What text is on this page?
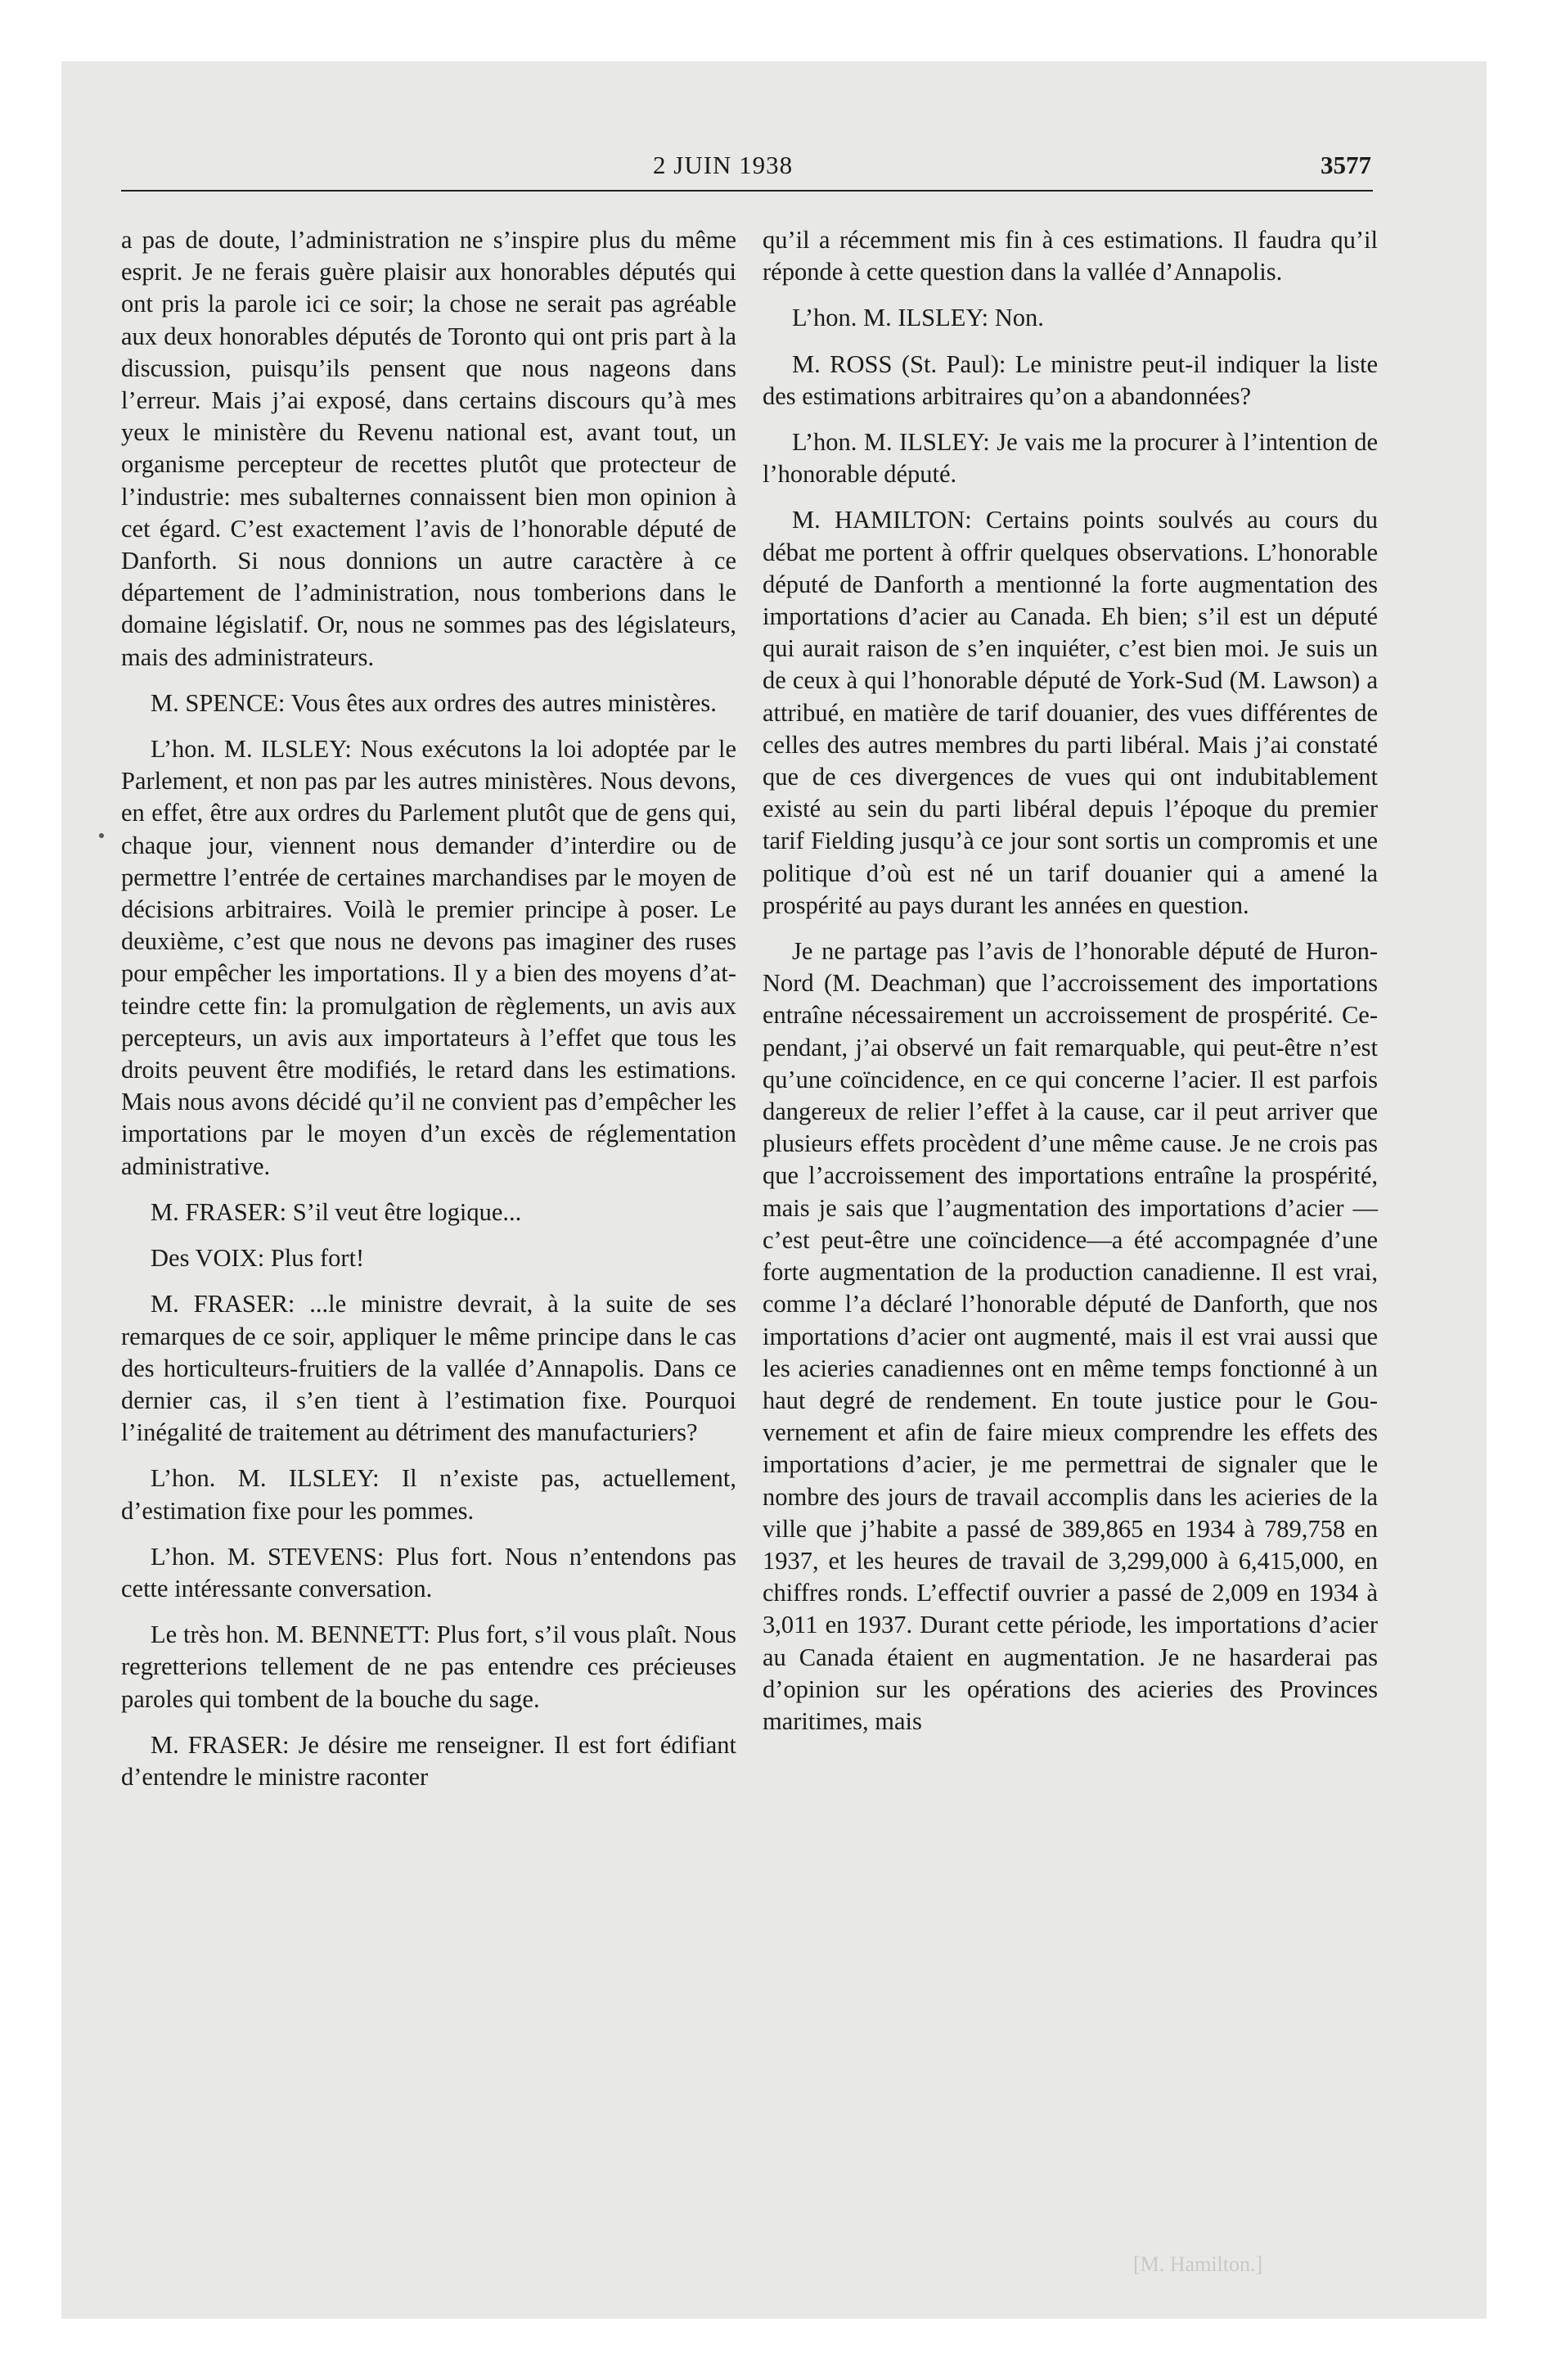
2 JUIN 1938	3577

a pas de doute, l’administration ne s’inspire plus du même esprit. Je ne ferais guère plaisir aux honorables députés qui ont pris la parole ici ce soir; la chose ne serait pas agréable aux deux honorables députés de Toronto qui ont pris part à la discussion, puisqu’ils pensent que nous nageons dans l’erreur. Mais j’ai exposé, dans certains discours qu’à mes yeux le ministère du Revenu national est, avant tout, un organisme percepteur de recettes plutôt que protecteur de l’industrie: mes subalternes connaissent bien mon opinion à cet égard. C’est exactement l’avis de l’honorable député de Danforth. Si nous donnions un autre caractère à ce département de l’administration, nous tomberions dans le domaine législatif. Or, nous ne sommes pas des législateurs, mais des administrateurs.

M. SPENCE: Vous êtes aux ordres des autres ministères.

L’hon. M. ILSLEY: Nous exécutons la loi adoptée par le Parlement, et non pas par les autres ministères. Nous devons, en effet, être aux ordres du Parlement plutôt que de gens qui, chaque jour, viennent nous demander d’interdire ou de permettre l’entrée de certaines marchandises par le moyen de décisions arbitraires. Voilà le premier principe à poser. Le deuxième, c’est que nous ne devons pas imaginer des ruses pour empêcher les importations. Il y a bien des moyens d’atteindre cette fin: la promulgation de règlements, un avis aux percepteurs, un avis aux importateurs à l’effet que tous les droits peuvent être modifiés, le retard dans les estimations. Mais nous avons décidé qu’il ne convient pas d’empêcher les importations par le moyen d’un excès de réglementation administrative.

M. FRASER: S’il veut être logique...

Des VOIX: Plus fort!

M. FRASER: ...le ministre devrait, à la suite de ses remarques de ce soir, appliquer le même principe dans le cas des horticulteurs-fruitiers de la vallée d’Annapolis. Dans ce dernier cas, il s’en tient à l’estimation fixe. Pourquoi l’inégalité de traitement au détriment des manufacturiers?

L’hon. M. ILSLEY: Il n’existe pas, actuellement, d’estimation fixe pour les pommes.

L’hon. M. STEVENS: Plus fort. Nous n’entendons pas cette intéressante conversation.

Le très hon. M. BENNETT: Plus fort, s’il vous plaît. Nous regretterions tellement de ne pas entendre ces précieuses paroles qui tombent de la bouche du sage.

M. FRASER: Je désire me renseigner. Il est fort édifiant d’entendre le ministre raconter

qu’il a récemment mis fin à ces estimations. Il faudra qu’il réponde à cette question dans la vallée d’Annapolis.

L’hon. M. ILSLEY: Non.

M. ROSS (St. Paul): Le ministre peut-il indiquer la liste des estimations arbitraires qu’on a abandonnées?

L’hon. M. ILSLEY: Je vais me la procurer à l’intention de l’honorable député.

M. HAMILTON: Certains points soulvés au cours du débat me portent à offrir quelques observations. L’honorable député de Danforth a mentionné la forte augmentation des importations d’acier au Canada. Eh bien; s’il est un député qui aurait raison de s’en inquiéter, c’est bien moi. Je suis un de ceux à qui l’honorable député de York-Sud (M. Lawson) a attribué, en matière de tarif douanier, des vues différentes de celles des autres membres du parti libéral. Mais j’ai constaté que de ces divergences de vues qui ont indubitablement existé au sein du parti libéral depuis l’époque du premier tarif Fielding jusqu’à ce jour sont sortis un compromis et une politique d’où est né un tarif douanier qui a amené la prospérité au pays durant les années en question.

Je ne partage pas l’avis de l’honorable député de Huron-Nord (M. Deachman) que l’accroissement des importations entraîne nécessairement un accroissement de prospérité. Cependant, j’ai observé un fait remarquable, qui peut-être n’est qu’une coïncidence, en ce qui concerne l’acier. Il est parfois dangereux de relier l’effet à la cause, car il peut arriver que plusieurs effets procèdent d’une même cause. Je ne crois pas que l’accroissement des importations entraîne la prospérité, mais je sais que l’augmentation des importations d’acier —c’est peut-être une coïncidence—a été accompagnée d’une forte augmentation de la production canadienne. Il est vrai, comme l’a déclaré l’honorable député de Danforth, que nos importations d’acier ont augmenté, mais il est vrai aussi que les acieries canadiennes ont en même temps fonctionné à un haut degré de rendement. En toute justice pour le Gouvernement et afin de faire mieux comprendre les effets des importations d’acier, je me permettrai de signaler que le nombre des jours de travail accomplis dans les acieries de la ville que j’habite a passé de 389,865 en 1934 à 789,758 en 1937, et les heures de travail de 3,299,000 à 6,415,000, en chiffres ronds. L’effectif ouvrier a passé de 2,009 en 1934 à 3,011 en 1937. Durant cette période, les importations d’acier au Canada étaient en augmentation. Je ne hasarderai pas d’opinion sur les opérations des acieries des Provinces maritimes, mais

[M. Hamilton.]
